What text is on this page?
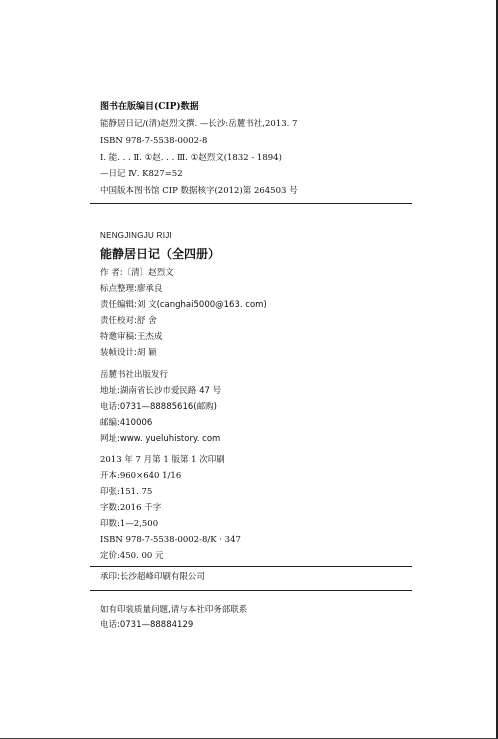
图书在版编目(CIP)数据
能静居日记/(清)赵烈文撰. —长沙:岳麓书社,2013. 7
ISBN 978-7-5538-0002-8
Ⅰ. 能. . . Ⅱ. ①赵. . . Ⅲ. ①赵烈文(1832 - 1894)
—日记 Ⅳ. K827=52
中国版本图书馆 CIP 数据核字(2012)第 264503 号
NENGJINGJU RIJI
能静居日记（全四册）
作 者:〔清〕赵烈文
标点整理:廖承良
责任编辑:刘 文(canghai5000@163. com)
责任校对:舒 舍
特邀审稿:王杰成
装帧设计:胡 颖
岳麓书社出版发行
地址:湖南省长沙市爱民路 47 号
电话:0731—88885616(邮购)
邮编:410006
网址:www. yueluhistory. com
2013 年 7 月第 1 版第 1 次印刷
开本:960×640 1/16
印张:151. 75
字数:2016 千字
印数:1—2,500
ISBN 978-7-5538-0002-8/K · 347
定价:450. 00 元
承印:长沙超峰印刷有限公司
如有印装质量问题,请与本社印务部联系
电话:0731—88884129
